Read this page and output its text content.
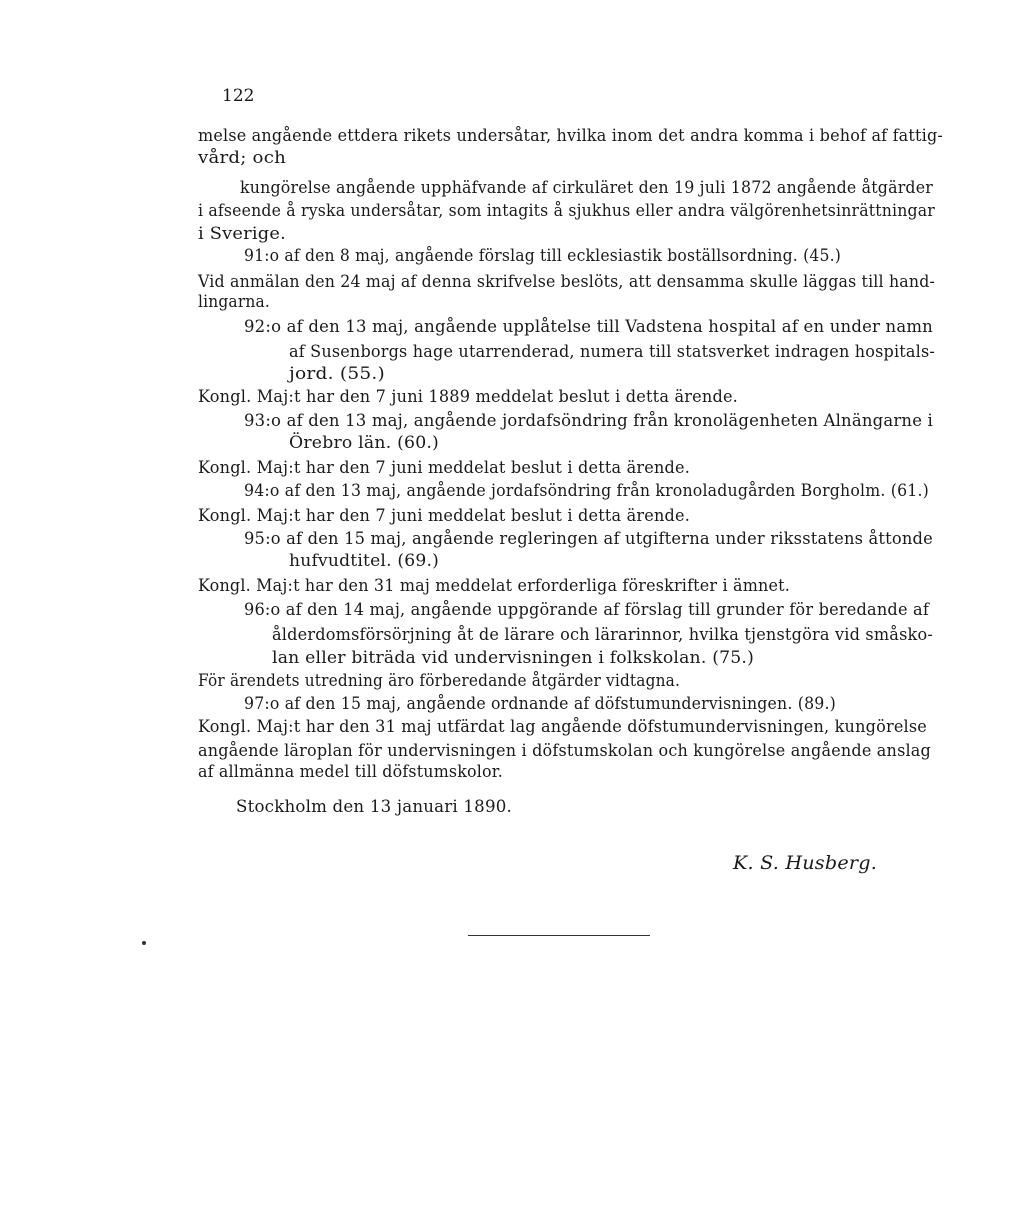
122
melse angående ettdera rikets undersåtar, hvilka inom det andra komma i behof af fattig-
vård; och
kungörelse angående upphäfvande af cirkuläret den 19 juli 1872 angående åtgärder
i afseende å ryska undersåtar, som intagits å sjukhus eller andra välgörenhetsinrättningar
i Sverige.
91:o af den 8 maj, angående förslag till ecklesiastik boställsordning. (45.)
Vid anmälan den 24 maj af denna skrifvelse beslöts, att densamma skulle läggas till hand-
lingarna.
92:o af den 13 maj, angående upplåtelse till Vadstena hospital af en under namn
af Susenborgs hage utarrenderad, numera till statsverket indragen hospitals-
jord. (55.)
Kongl. Maj:t har den 7 juni 1889 meddelat beslut i detta ärende.
93:o af den 13 maj, angående jordafsöndring från kronolägenheten Alnängarne i
Örebro län. (60.)
Kongl. Maj:t har den 7 juni meddelat beslut i detta ärende.
94:o af den 13 maj, angående jordafsöndring från kronoladugården Borgholm. (61.)
Kongl. Maj:t har den 7 juni meddelat beslut i detta ärende.
95:o af den 15 maj, angående regleringen af utgifterna under riksstatens åttonde
hufvudtitel. (69.)
Kongl. Maj:t har den 31 maj meddelat erforderliga föreskrifter i ämnet.
96:o af den 14 maj, angående uppgörande af förslag till grunder för beredande af
ålderdomsförsörjning åt de lärare och lärarinnor, hvilka tjenstgöra vid småsko-
lan eller biträda vid undervisningen i folkskolan. (75.)
För ärendets utredning äro förberedande åtgärder vidtagna.
97:o af den 15 maj, angående ordnande af döfstumundervisningen. (89.)
Kongl. Maj:t har den 31 maj utfärdat lag angående döfstumundervisningen, kungörelse
angående läroplan för undervisningen i döfstumskolan och kungörelse angående anslag
af allmänna medel till döfstumskolor.
Stockholm den 13 januari 1890.
K. S. Husberg.
